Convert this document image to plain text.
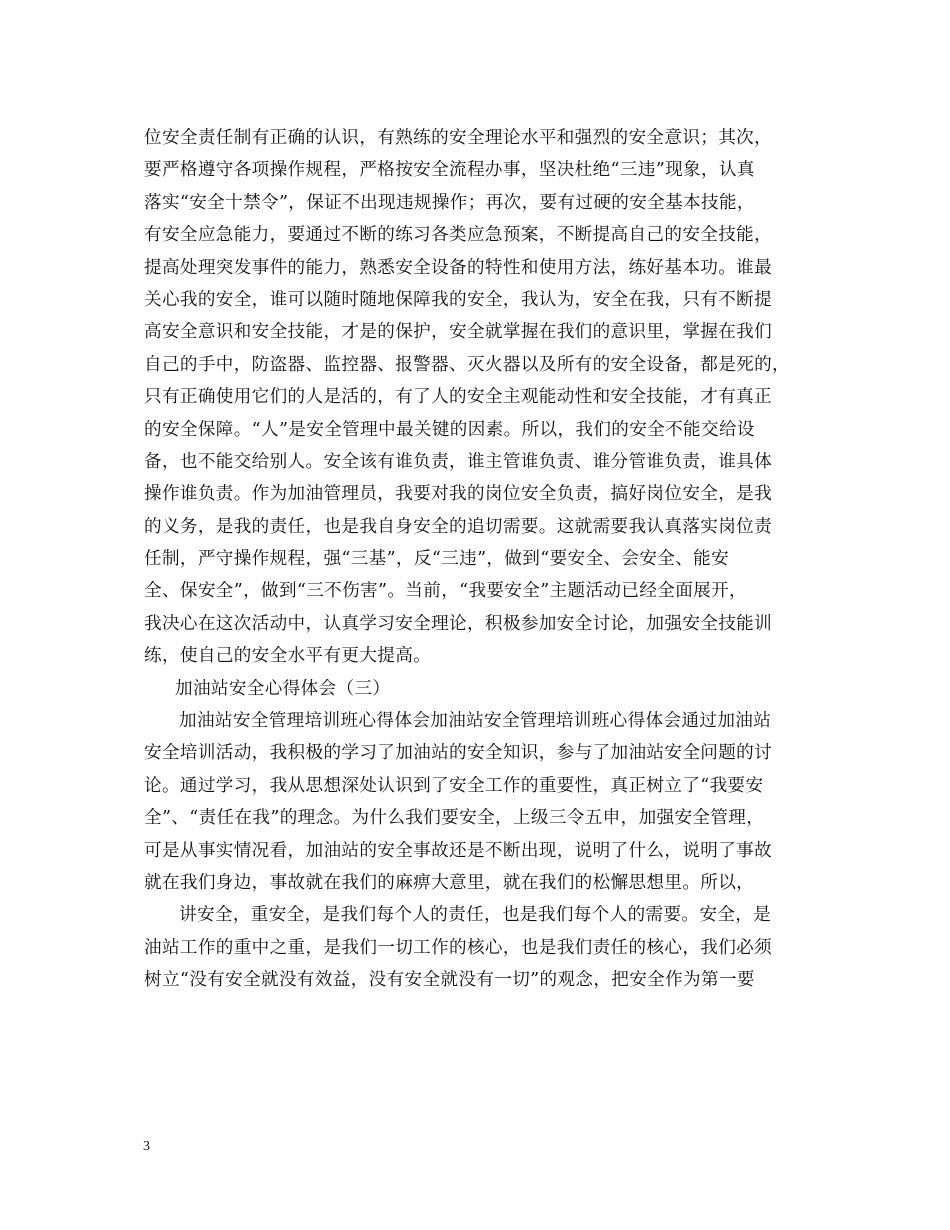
位安全责任制有正确的认识，有熟练的安全理论水平和强烈的安全意识；其次，
要严格遵守各项操作规程，严格按安全流程办事，坚决杜绝“三违”现象，认真
落实“安全十禁令”，保证不出现违规操作；再次，要有过硬的安全基本技能，
有安全应急能力，要通过不断的练习各类应急预案，不断提高自己的安全技能，
提高处理突发事件的能力，熟悉安全设备的特性和使用方法，练好基本功。谁最
关心我的安全，谁可以随时随地保障我的安全，我认为，安全在我，只有不断提
高安全意识和安全技能，才是的保护，安全就掌握在我们的意识里，掌握在我们
自己的手中，防盗器、监控器、报警器、灭火器以及所有的安全设备，都是死的，
只有正确使用它们的人是活的，有了人的安全主观能动性和安全技能，才有真正
的安全保障。“人”是安全管理中最关键的因素。所以，我们的安全不能交给设
备，也不能交给别人。安全该有谁负责，谁主管谁负责、谁分管谁负责，谁具体
操作谁负责。作为加油管理员，我要对我的岗位安全负责，搞好岗位安全，是我
的义务，是我的责任，也是我自身安全的追切需要。这就需要我认真落实岗位责
任制，严守操作规程，强“三基”，反“三违”，做到“要安全、会安全、能安
全、保安全”，做到“三不伤害”。当前，“我要安全”主题活动已经全面展开，
我决心在这次活动中，认真学习安全理论，积极参加安全讨论，加强安全技能训
练，使自己的安全水平有更大提高。
加油站安全心得体会（三）
加油站安全管理培训班心得体会加油站安全管理培训班心得体会通过加油站
安全培训活动，我积极的学习了加油站的安全知识，参与了加油站安全问题的讨
论。通过学习，我从思想深处认识到了安全工作的重要性，真正树立了“我要安
全”、“责任在我”的理念。为什么我们要安全，上级三令五申，加强安全管理，
可是从事实情况看，加油站的安全事故还是不断出现，说明了什么，说明了事故
就在我们身边，事故就在我们的麻痹大意里，就在我们的松懈思想里。所以，
讲安全，重安全，是我们每个人的责任，也是我们每个人的需要。安全，是
油站工作的重中之重，是我们一切工作的核心，也是我们责任的核心，我们必须
树立“没有安全就没有效益，没有安全就没有一切”的观念，把安全作为第一要
3
